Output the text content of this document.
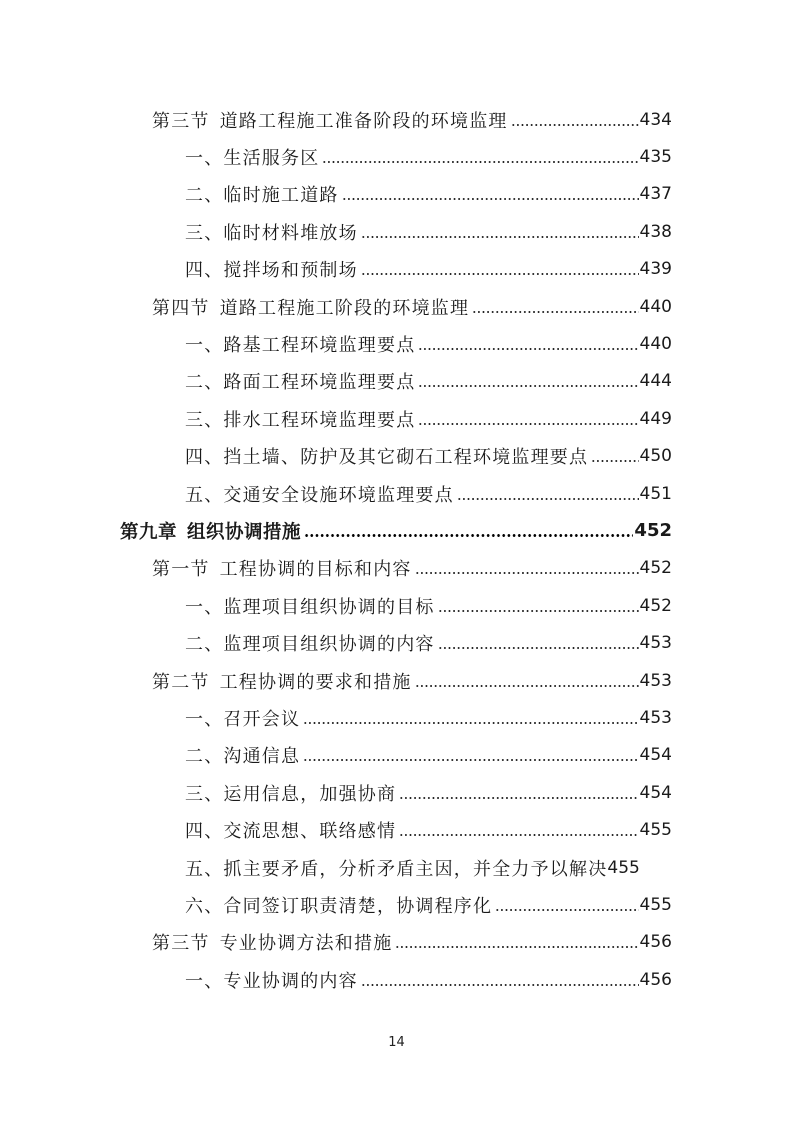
第三节 道路工程施工准备阶段的环境监理	434
一、生活服务区	435
二、临时施工道路	437
三、临时材料堆放场	438
四、搅拌场和预制场	439
第四节 道路工程施工阶段的环境监理	440
一、路基工程环境监理要点	440
二、路面工程环境监理要点	444
三、排水工程环境监理要点	449
四、挡土墙、防护及其它砌石工程环境监理要点	450
五、交通安全设施环境监理要点	451
第九章 组织协调措施	452
第一节 工程协调的目标和内容	452
一、监理项目组织协调的目标	452
二、监理项目组织协调的内容	453
第二节 工程协调的要求和措施	453
一、召开会议	453
二、沟通信息	454
三、运用信息，加强协商	454
四、交流思想、联络感情	455
五、抓主要矛盾，分析矛盾主因，并全力予以解决 455
六、合同签订职责清楚，协调程序化	455
第三节 专业协调方法和措施	456
一、专业协调的内容	456
14
